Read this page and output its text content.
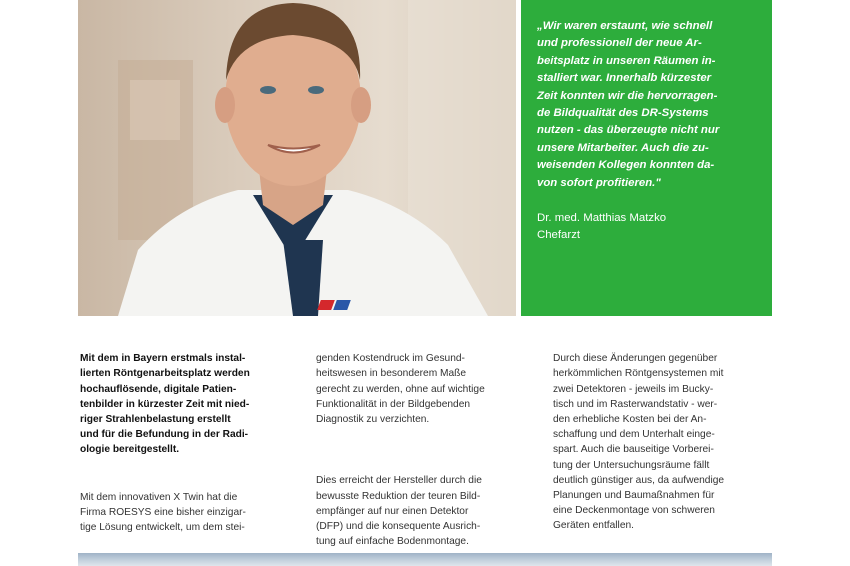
„Wir waren erstaunt, wie schnell
und professionell der neue Ar-
beitsplatz in unseren Räumen in-
stalliert war. Innerhalb kürzester
Zeit konnten wir die hervorragen-
de Bildqualität des DR-Systems
nutzen - das überzeugte nicht nur
unsere Mitarbeiter. Auch die zu-
weisenden Kollegen konnten da-
von sofort profitieren."
Dr. med. Matthias Matzko
Chefarzt

Mit dem in Bayern erstmals instal-
lierten Röntgenarbeitsplatz werden
hochauflösende, digitale Patien-
tenbilder in kürzester Zeit mit nied-
riger Strahlenbelastung erstellt
und für die Befundung in der Radi-
ologie bereitgestellt.

Mit dem innovativen X Twin hat die
Firma ROESYS eine bisher einzigar-
tige Lösung entwickelt, um dem stei-

genden Kostendruck im Gesund-
heitswesen in besonderem Maße
gerecht zu werden, ohne auf wichtige
Funktionalität in der Bildgebenden
Diagnostik zu verzichten.

Dies erreicht der Hersteller durch die
bewusste Reduktion der teuren Bild-
empfänger auf nur einen Detektor
(DFP) und die konsequente Ausrich-
tung auf einfache Bodenmontage.

Durch diese Änderungen gegenüber
herkömmlichen Röntgensystemen mit
zwei Detektoren - jeweils im Bucky-
tisch und im Rasterwandstativ - wer-
den erhebliche Kosten bei der An-
schaffung und dem Unterhalt einge-
spart. Auch die bauseitige Vorberei-
tung der Untersuchungsräume fällt
deutlich günstiger aus, da aufwendige
Planungen und Baumaßnahmen für
eine Deckenmontage von schweren
Geräten entfallen.
